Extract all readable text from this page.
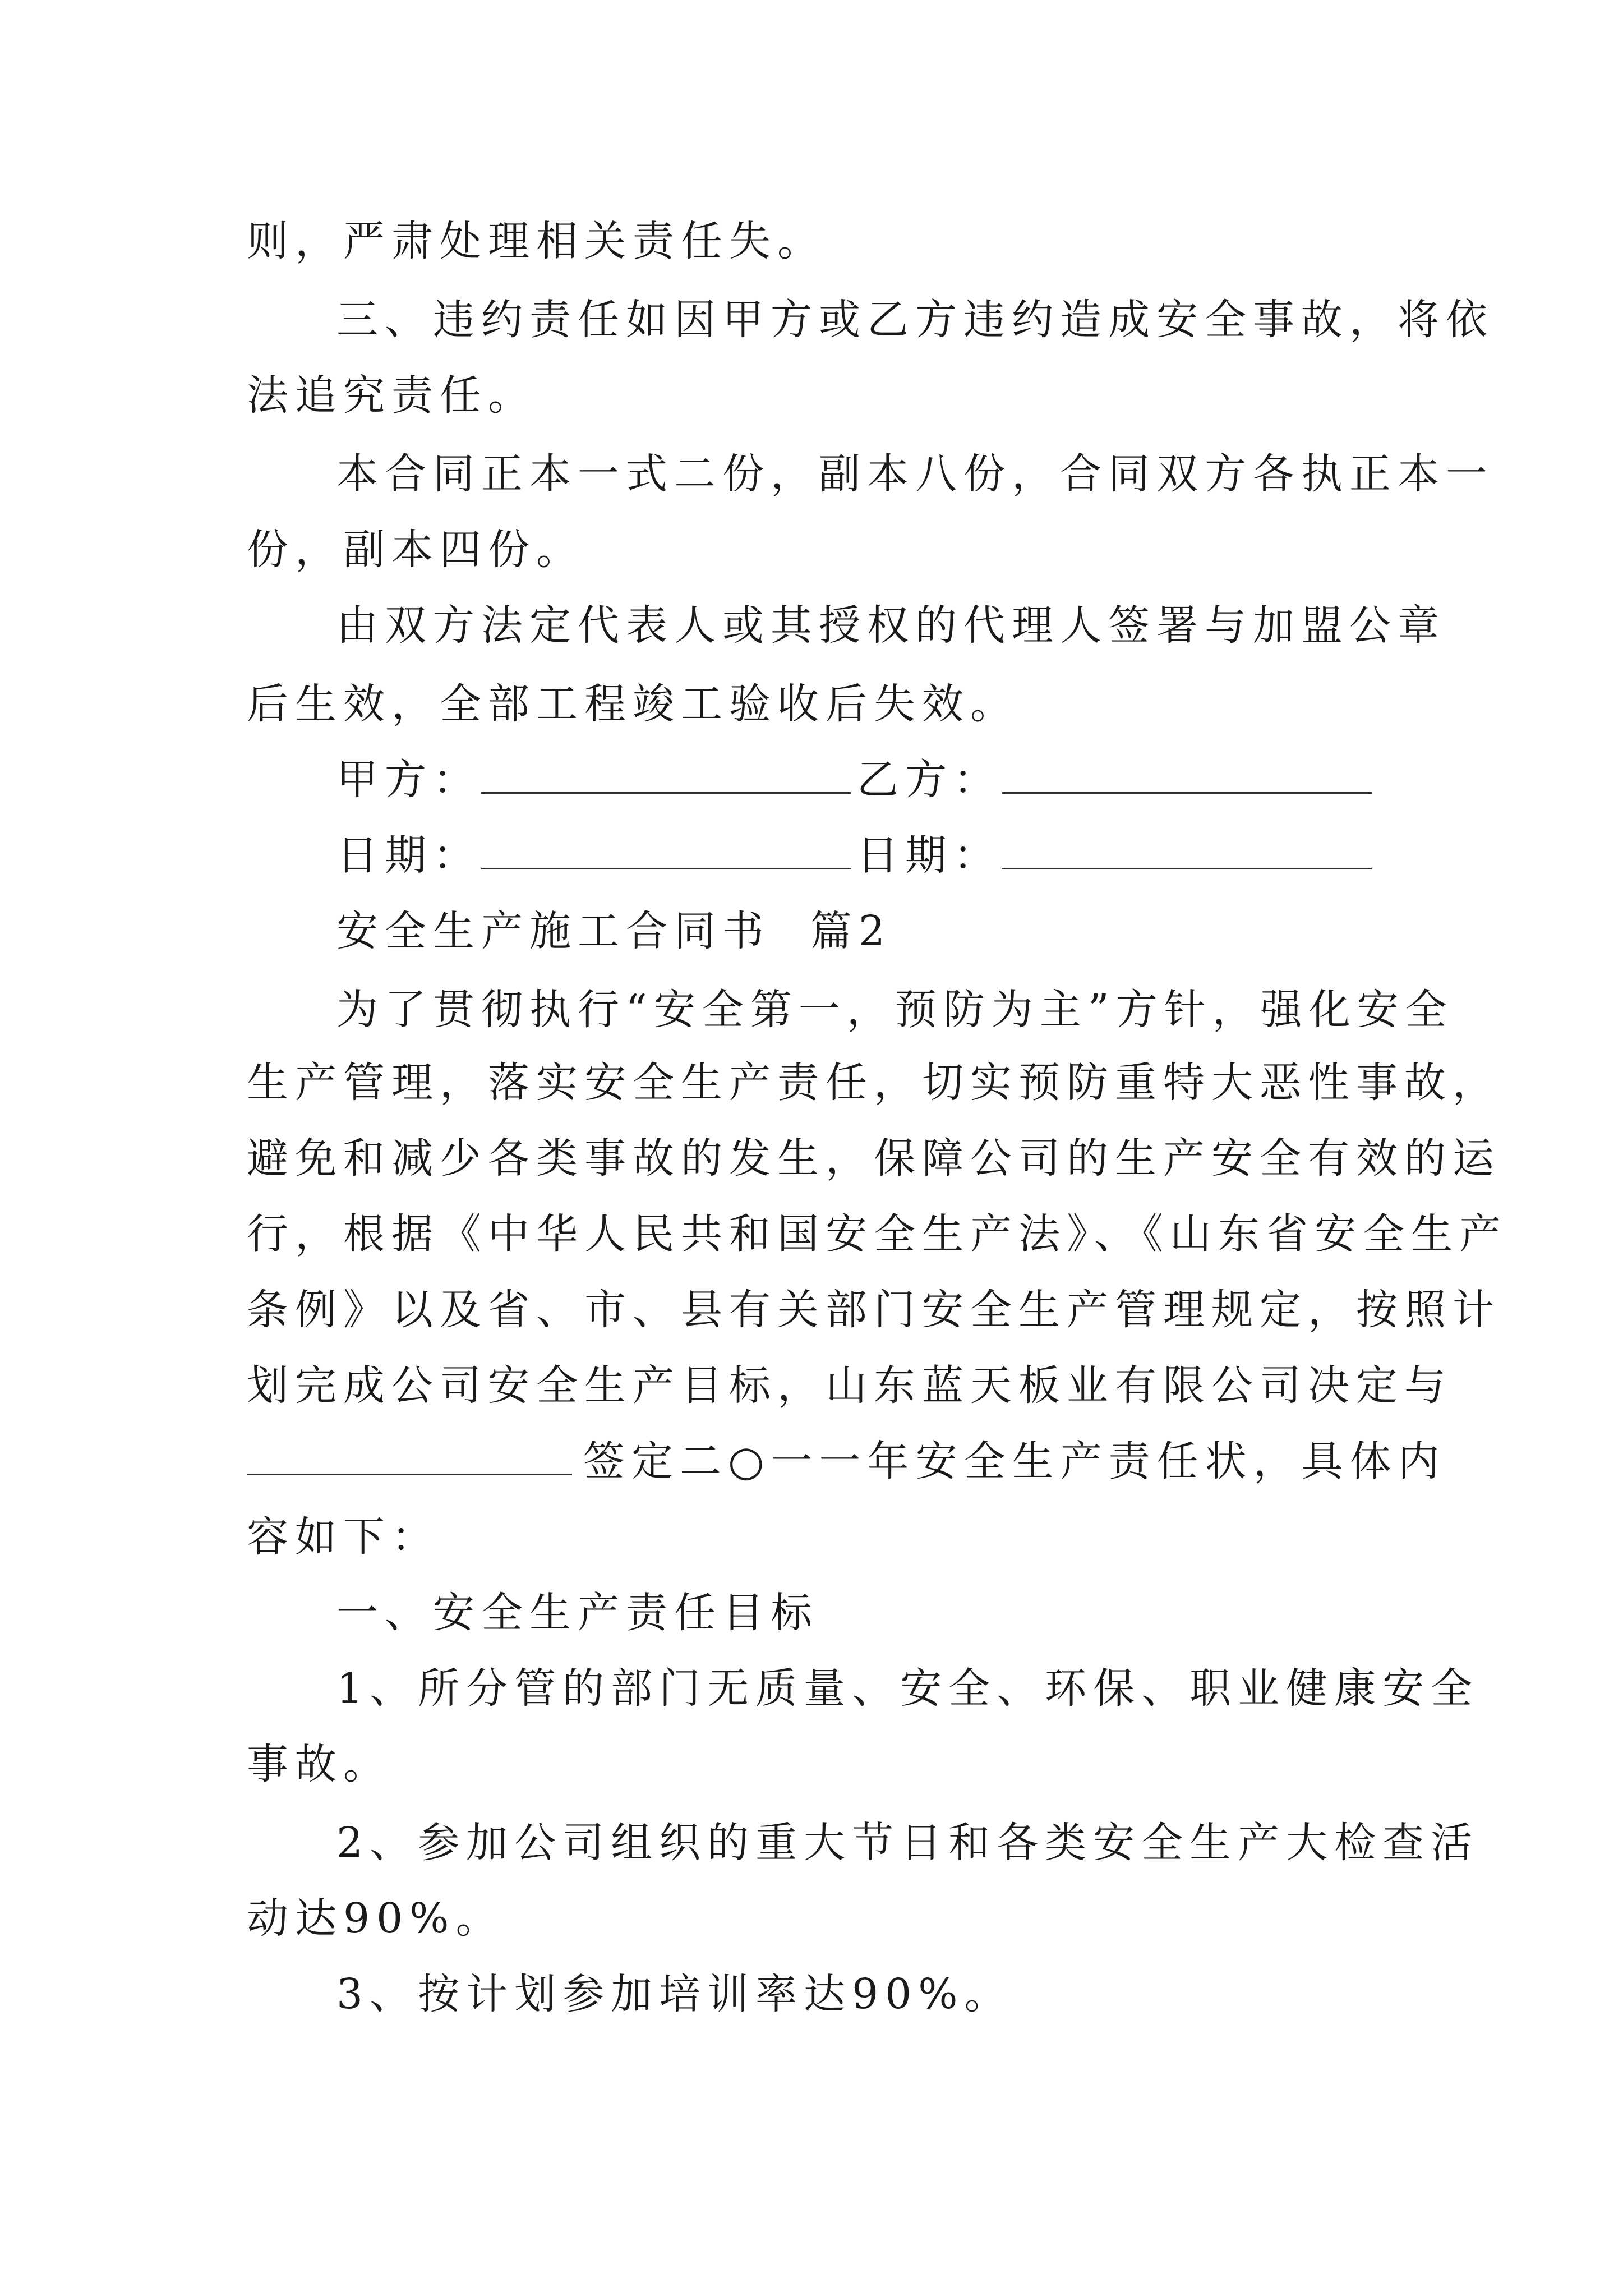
则，严肃处理相关责任失。
三、违约责任如因甲方或乙方违约造成安全事故，将依
法追究责任。
本合同正本一式二份，副本八份，合同双方各执正本一
份，副本四份。
由双方法定代表人或其授权的代理人签署与加盟公章
后生效，全部工程竣工验收后失效。
甲方：	乙方：
日期：	日期：
安全生产施工合同书  篇2
为了贯彻执行“安全第一，预防为主”方针，强化安全
生产管理，落实安全生产责任，切实预防重特大恶性事故，
避免和减少各类事故的发生，保障公司的生产安全有效的运
行，根据《中华人民共和国安全生产法》、《山东省安全生产
条例》以及省、市、县有关部门安全生产管理规定，按照计
划完成公司安全生产目标，山东蓝天板业有限公司决定与
签定二○一一年安全生产责任状，具体内
容如下：
一、安全生产责任目标
1、所分管的部门无质量、安全、环保、职业健康安全
事故。
2、参加公司组织的重大节日和各类安全生产大检查活
动达90%。
3、按计划参加培训率达90%。
